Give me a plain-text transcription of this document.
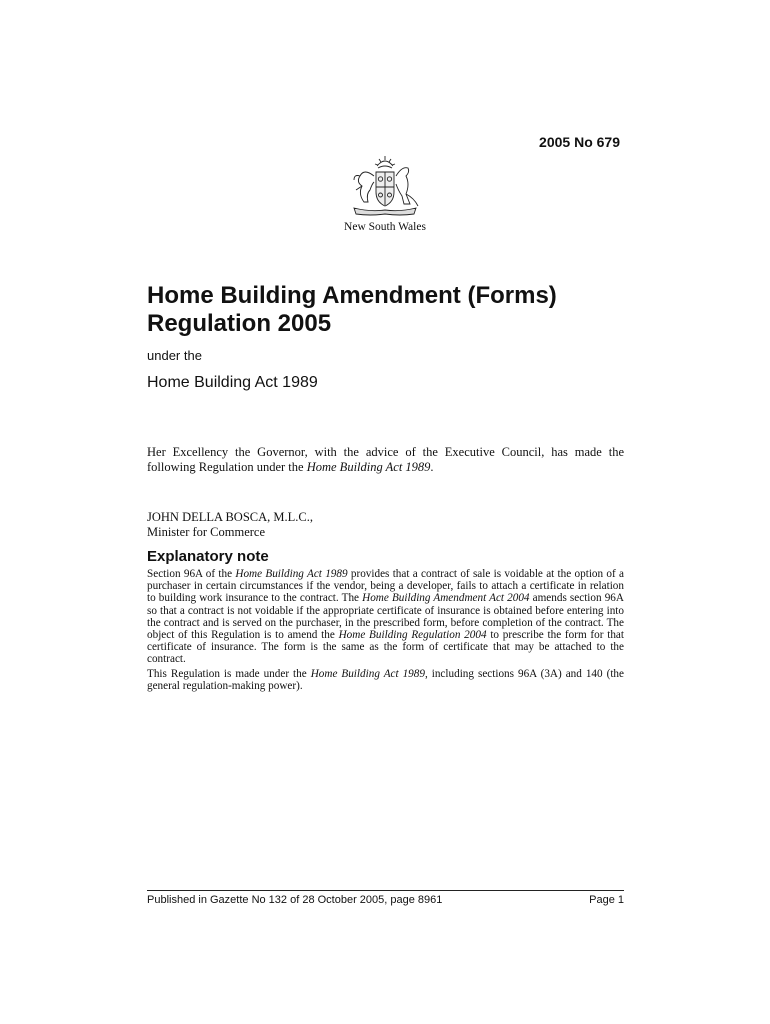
2005 No 679
New South Wales
Home Building Amendment (Forms)
Regulation 2005
under the
Home Building Act 1989
Her Excellency the Governor, with the advice of the Executive Council, has made the following Regulation under the Home Building Act 1989.
JOHN DELLA BOSCA, M.L.C.,
Minister for Commerce
Explanatory note

Section 96A of the Home Building Act 1989 provides that a contract of sale is voidable at the option of a purchaser in certain circumstances if the vendor, being a developer, fails to attach a certificate in relation to building work insurance to the contract. The Home Building Amendment Act 2004 amends section 96A so that a contract is not voidable if the appropriate certificate of insurance is obtained before entering into the contract and is served on the purchaser, in the prescribed form, before completion of the contract. The object of this Regulation is to amend the Home Building Regulation 2004 to prescribe the form for that certificate of insurance. The form is the same as the form of certificate that may be attached to the contract.

This Regulation is made under the Home Building Act 1989, including sections 96A (3A) and 140 (the general regulation-making power).

Published in Gazette No 132 of 28 October 2005, page 8961	Page 1
